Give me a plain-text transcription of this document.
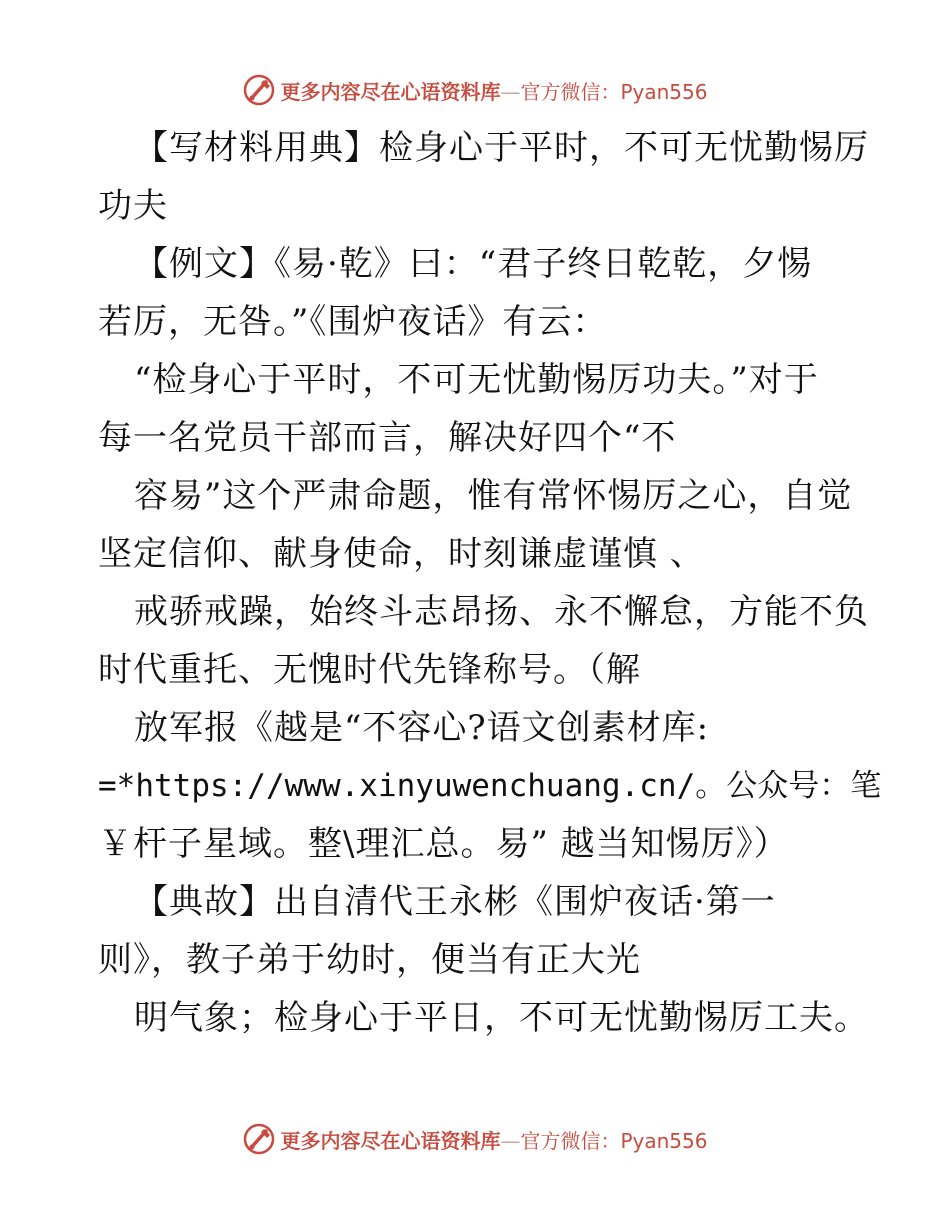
更多内容尽在心语资料库—官方微信：Pyan556
【写材料用典】检身心于平时，不可无忧勤惕厉
功夫
【例文】《易·乾》曰：“君子终日乾乾，夕惕
若厉，无咎。”《围炉夜话》有云：
“检身心于平时，不可无忧勤惕厉功夫。”对于
每一名党员干部而言，解决好四个“不
容易”这个严肃命题，惟有常怀惕厉之心，自觉
坚定信仰、献身使命，时刻谦虚谨慎 、
戒骄戒躁，始终斗志昂扬、永不懈怠，方能不负
时代重托、无愧时代先锋称号。（解
放军报《越是“不容心?语文创素材库:
=*https://www.xinyuwenchuang.cn/。公众号：笔
￥杆子星域。整\理汇总。易” 越当知惕厉》）
【典故】出自清代王永彬《围炉夜话·第一
则》，教子弟于幼时，便当有正大光
明气象；检身心于平日，不可无忧勤惕厉工夫。
更多内容尽在心语资料库—官方微信：Pyan556
